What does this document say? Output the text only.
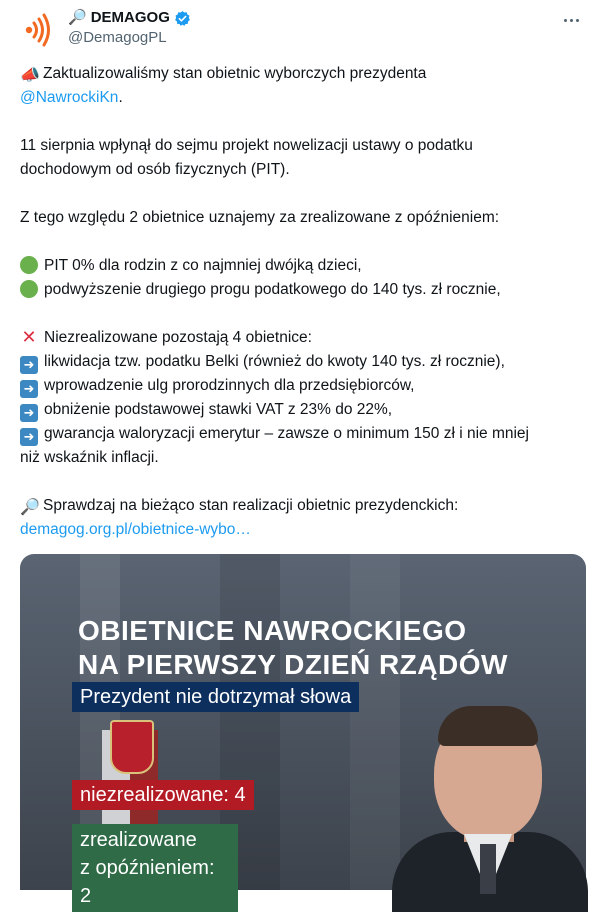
🔎 DEMAGOG
@DemagogPL

📣 Zaktualizowaliśmy stan obietnic wyborczych prezydenta
@NawrockiKn.

11 sierpnia wpłynął do sejmu projekt nowelizacji ustawy o podatku dochodowym od osób fizycznych (PIT).

Z tego względu 2 obietnice uznajemy za zrealizowane z opóźnieniem:

PIT 0% dla rodzin z co najmniej dwójką dzieci,

podwyższenie drugiego progu podatkowego do 140 tys. zł rocznie,

✕ Niezrealizowane pozostają 4 obietnice:

➜ likwidacja tzw. podatku Belki (również do kwoty 140 tys. zł rocznie),

➜ wprowadzenie ulg prorodzinnych dla przedsiębiorców,

➜ obniżenie podstawowej stawki VAT z 23% do 22%,

➜ gwarancja waloryzacji emerytur – zawsze o minimum 150 zł i nie mniej niż wskaźnik inflacji.

🔎 Sprawdzaj na bieżąco stan realizacji obietnic prezydenckich:

demagog.org.pl/obietnice-wybo…

OBIETNICE NAWROCKIEGO
NA PIERWSZY DZIEŃ RZĄDÓW
Prezydent nie dotrzymał słowa
niezrealizowane: 4
zrealizowane
z opóźnieniem: 2
